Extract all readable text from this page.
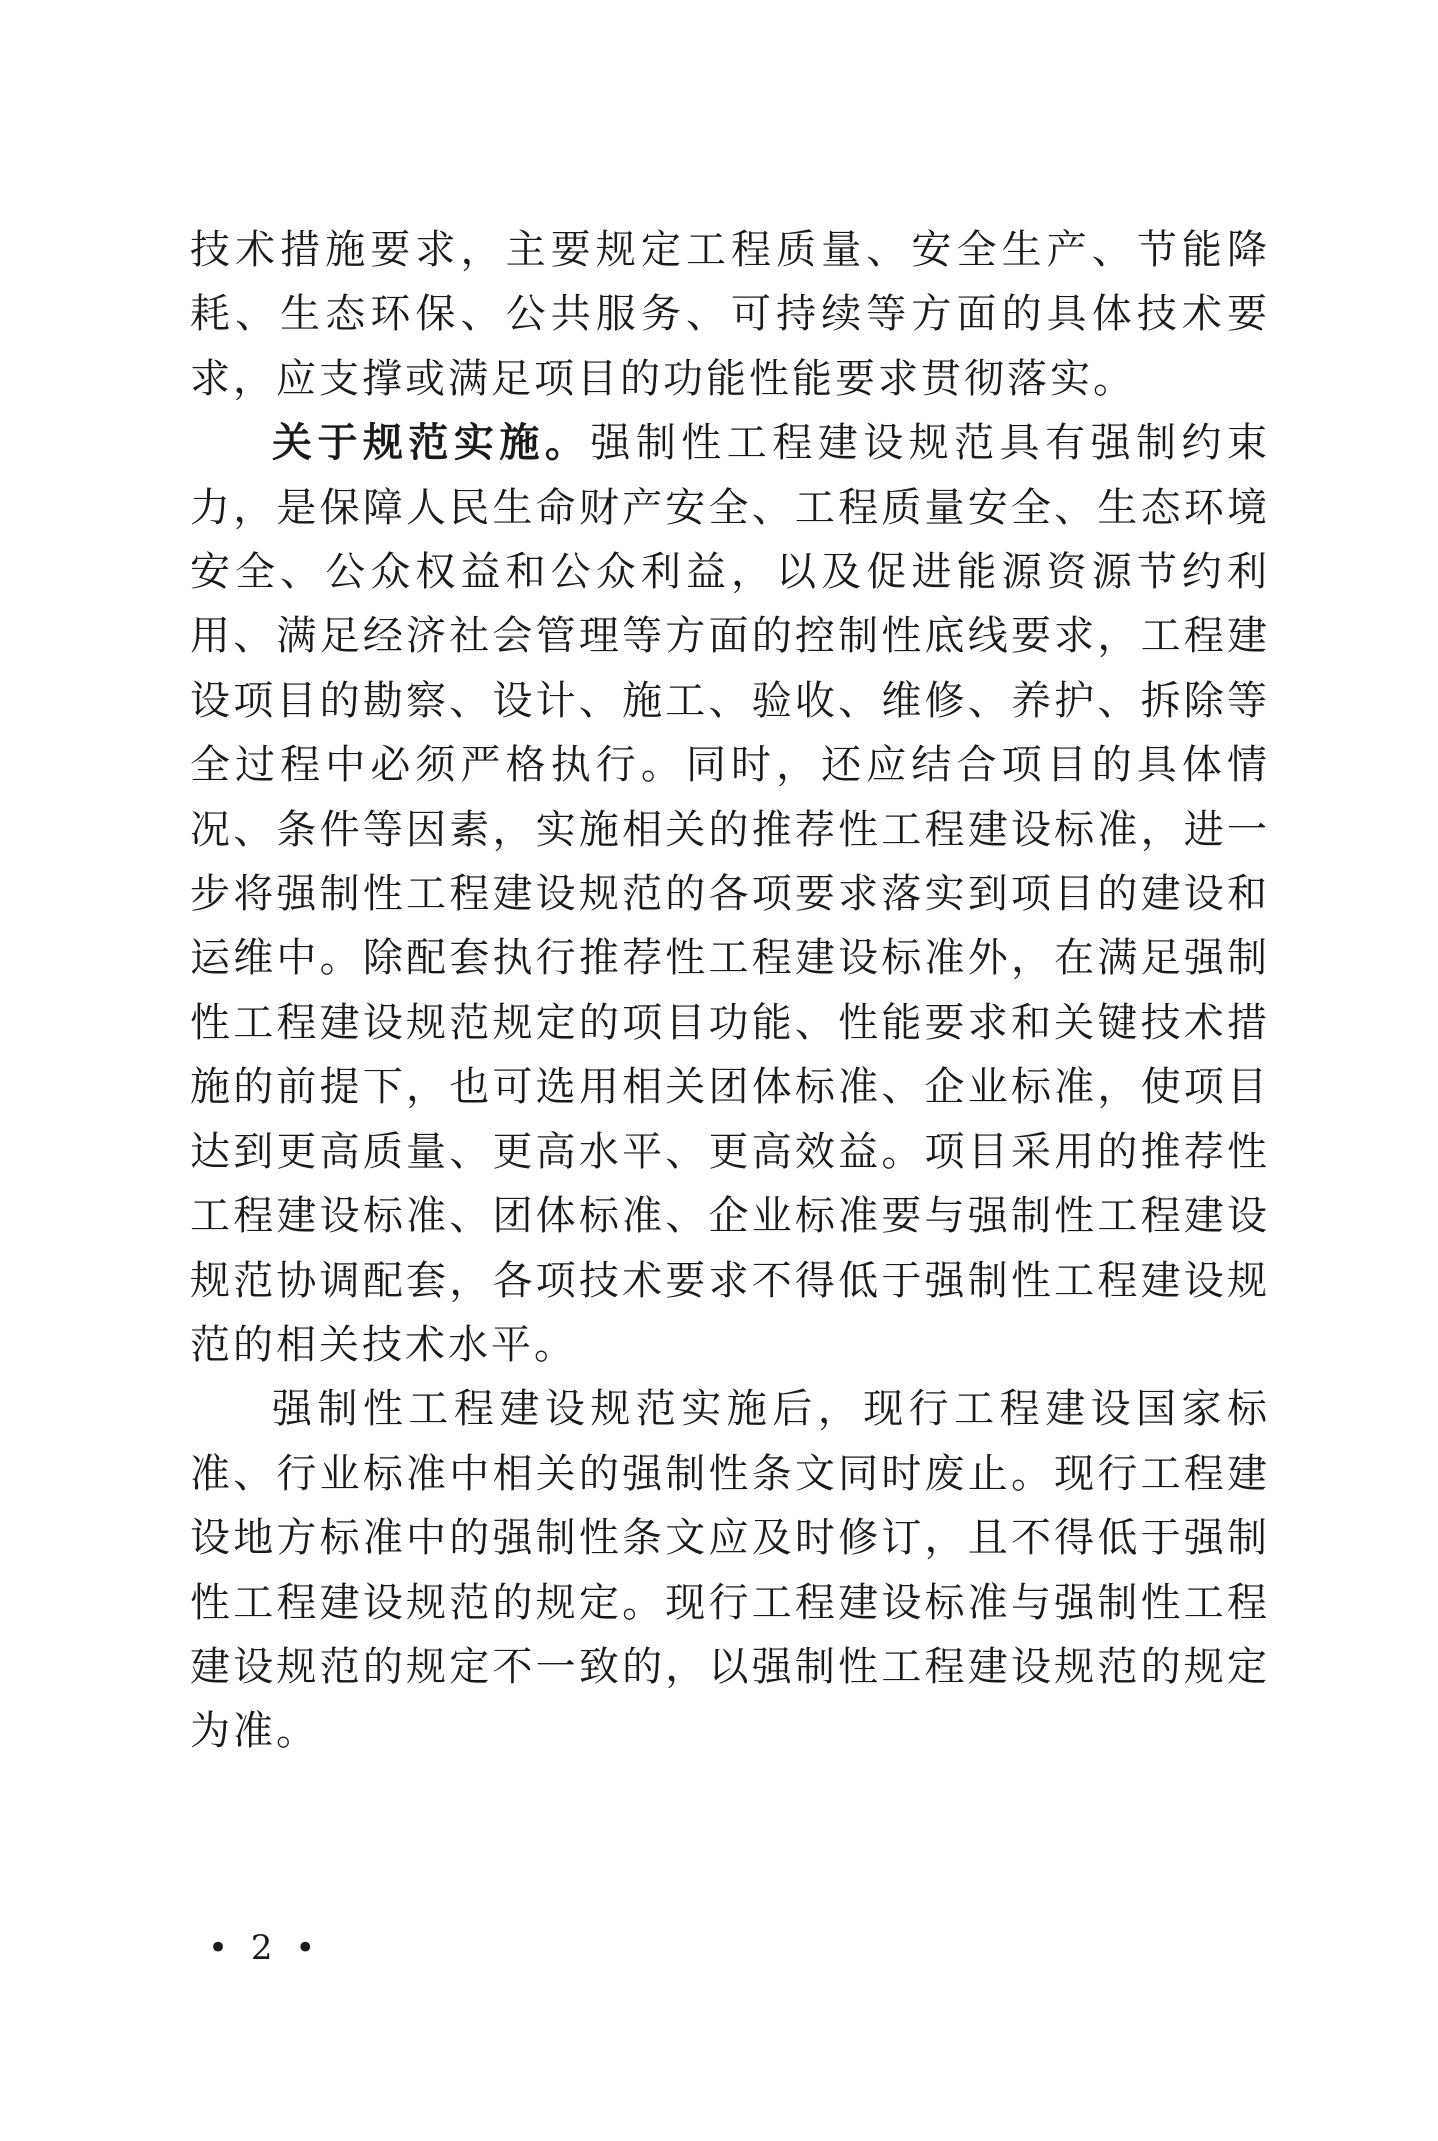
技术措施要求，主要规定工程质量、安全生产、节能降耗、生态环保、公共服务、可持续等方面的具体技术要求，应支撑或满足项目的功能性能要求贯彻落实。

关于规范实施。强制性工程建设规范具有强制约束力，是保障人民生命财产安全、工程质量安全、生态环境安全、公众权益和公众利益，以及促进能源资源节约利用、满足经济社会管理等方面的控制性底线要求，工程建设项目的勘察、设计、施工、验收、维修、养护、拆除等全过程中必须严格执行。同时，还应结合项目的具体情况、条件等因素，实施相关的推荐性工程建设标准，进一步将强制性工程建设规范的各项要求落实到项目的建设和运维中。除配套执行推荐性工程建设标准外，在满足强制性工程建设规范规定的项目功能、性能要求和关键技术措施的前提下，也可选用相关团体标准、企业标准，使项目达到更高质量、更高水平、更高效益。项目采用的推荐性工程建设标准、团体标准、企业标准要与强制性工程建设规范协调配套，各项技术要求不得低于强制性工程建设规范的相关技术水平。

强制性工程建设规范实施后，现行工程建设国家标准、行业标准中相关的强制性条文同时废止。现行工程建设地方标准中的强制性条文应及时修订，且不得低于强制性工程建设规范的规定。现行工程建设标准与强制性工程建设规范的规定不一致的，以强制性工程建设规范的规定为准。

• 2 •
